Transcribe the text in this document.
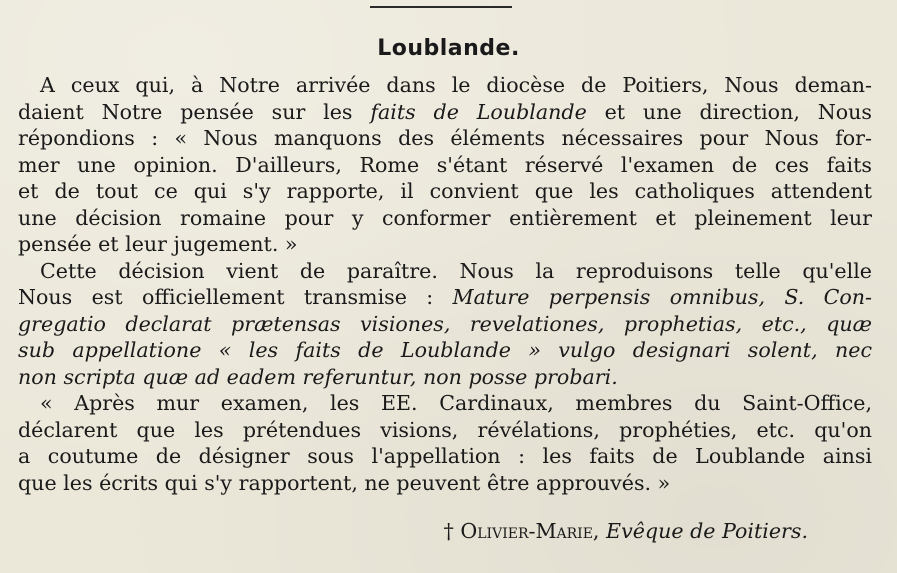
Loublande.
A ceux qui, à Notre arrivée dans le diocèse de Poitiers, Nous deman-
daient Notre pensée sur les faits de Loublande et une direction, Nous
répondions : « Nous manquons des éléments nécessaires pour Nous for-
mer une opinion. D'ailleurs, Rome s'étant réservé l'examen de ces faits
et de tout ce qui s'y rapporte, il convient que les catholiques attendent
une décision romaine pour y conformer entièrement et pleinement leur
pensée et leur jugement. »
Cette décision vient de paraître. Nous la reproduisons telle qu'elle
Nous est officiellement transmise : Mature perpensis omnibus, S. Con-
gregatio declarat prætensas visiones, revelationes, prophetias, etc., quæ
sub appellatione « les faits de Loublande » vulgo designari solent, nec
non scripta quæ ad eadem referuntur, non posse probari.
« Après mur examen, les EE. Cardinaux, membres du Saint-Office,
déclarent que les prétendues visions, révélations, prophéties, etc. qu'on
a coutume de désigner sous l'appellation : les faits de Loublande ainsi
que les écrits qui s'y rapportent, ne peuvent être approuvés. »
† Olivier-Marie, Evêque de Poitiers.
